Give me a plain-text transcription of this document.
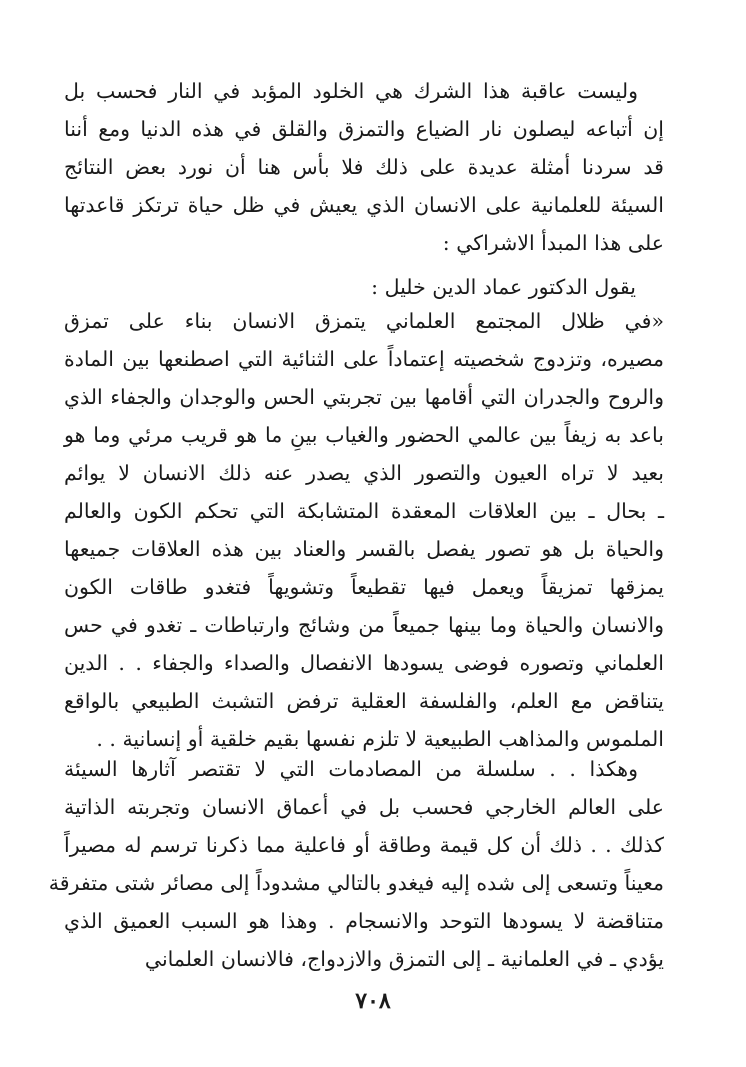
وليست عاقبة هذا الشرك هي الخلود المؤبد في النار فحسب بل
إن أتباعه ليصلون نار الضياع والتمزق والقلق في هذه الدنيا ومع أننا
قد سردنا أمثلة عديدة على ذلك فلا بأس هنا أن نورد بعض النتائج
السيئة للعلمانية على الانسان الذي يعيش في ظل حياة ترتكز قاعدتها
على هذا المبدأ الاشراكي :
يقول الدكتور عماد الدين خليل :
«في ظلال المجتمع العلماني يتمزق الانسان بناء على تمزق
مصيره، وتزدوج شخصيته إعتماداً على الثنائية التي اصطنعها بين المادة
والروح والجدران التي أقامها بين تجربتي الحس والوجدان والجفاء الذي
باعد به زيفاً بين عالمي الحضور والغياب بينِ ما هو قريب مرئي وما هو
بعيد لا تراه العيون والتصور الذي يصدر عنه ذلك الانسان لا يوائم
ـ بحال ـ بين العلاقات المعقدة المتشابكة التي تحكم الكون والعالم
والحياة بل هو تصور يفصل بالقسر والعناد بين هذه العلاقات جميعها
يمزقها تمزيقاً ويعمل فيها تقطيعاً وتشويهاً فتغدو طاقات الكون
والانسان والحياة وما بينها جميعاً من وشائج وارتباطات ـ تغدو في حس
العلماني وتصوره فوضى يسودها الانفصال والصداء والجفاء . . الدين
يتناقض مع العلم، والفلسفة العقلية ترفض التشبث الطبيعي بالواقع
الملموس والمذاهب الطبيعية لا تلزم نفسها بقيم خلقية أو إنسانية . .
وهكذا . . سلسلة من المصادمات التي لا تقتصر آثارها السيئة
على العالم الخارجي فحسب بل في أعماق الانسان وتجربته الذاتية
كذلك . . ذلك أن كل قيمة وطاقة أو فاعلية مما ذكرنا ترسم له مصيراً
معيناً وتسعى إلى شده إليه فيغدو بالتالي مشدوداً إلى مصائر شتى متفرقة
متناقضة لا يسودها التوحد والانسجام . وهذا هو السبب العميق الذي
يؤدي ـ في العلمانية ـ إلى التمزق والازدواج، فالانسان العلماني
٧٠٨
